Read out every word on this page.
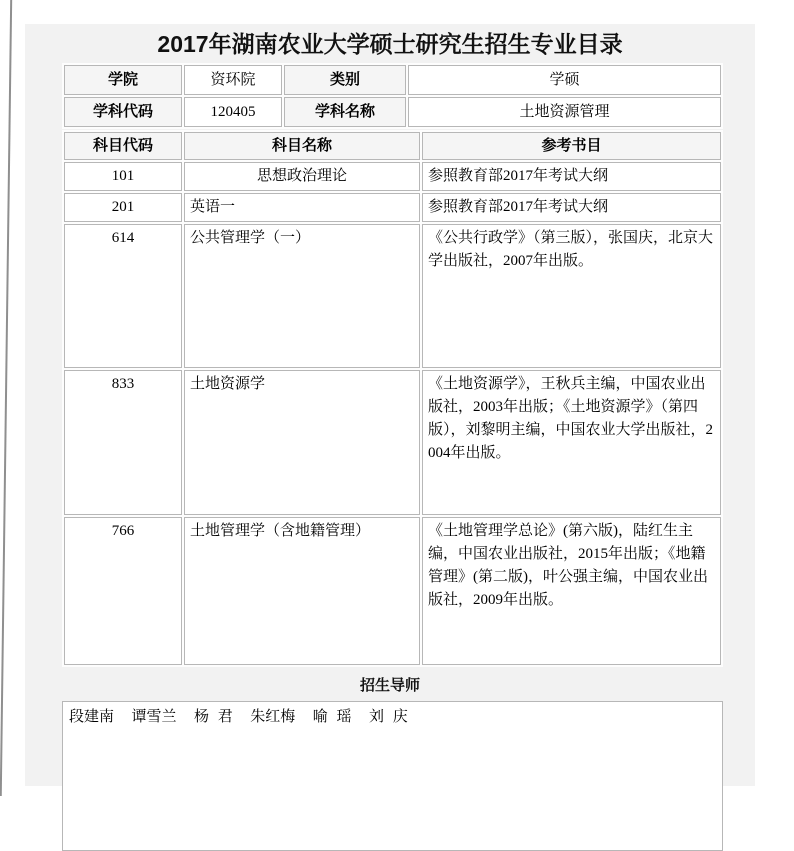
2017年湖南农业大学硕士研究生招生专业目录
学院	资环院	类别	学硕
学科代码	120405	学科名称	土地资源管理
科目代码	科目名称	参考书目
101	思想政治理论	参照教育部2017年考试大纲
201	英语一	参照教育部2017年考试大纲
614	公共管理学（一）	《公共行政学》（第三版），张国庆，北京大学出版社，2007年出版。
833	土地资源学	《土地资源学》，王秋兵主编，中国农业出版社，2003年出版；《土地资源学》（第四版），刘黎明主编，中国农业大学出版社，2004年出版。
766	土地管理学（含地籍管理）	《土地管理学总论》(第六版)，陆红生主编，中国农业出版社，2015年出版；《地籍管理》(第二版)，叶公强主编，中国农业出版社，2009年出版。
招生导师
段建南  谭雪兰  杨 君  朱红梅  喻 瑶  刘 庆
